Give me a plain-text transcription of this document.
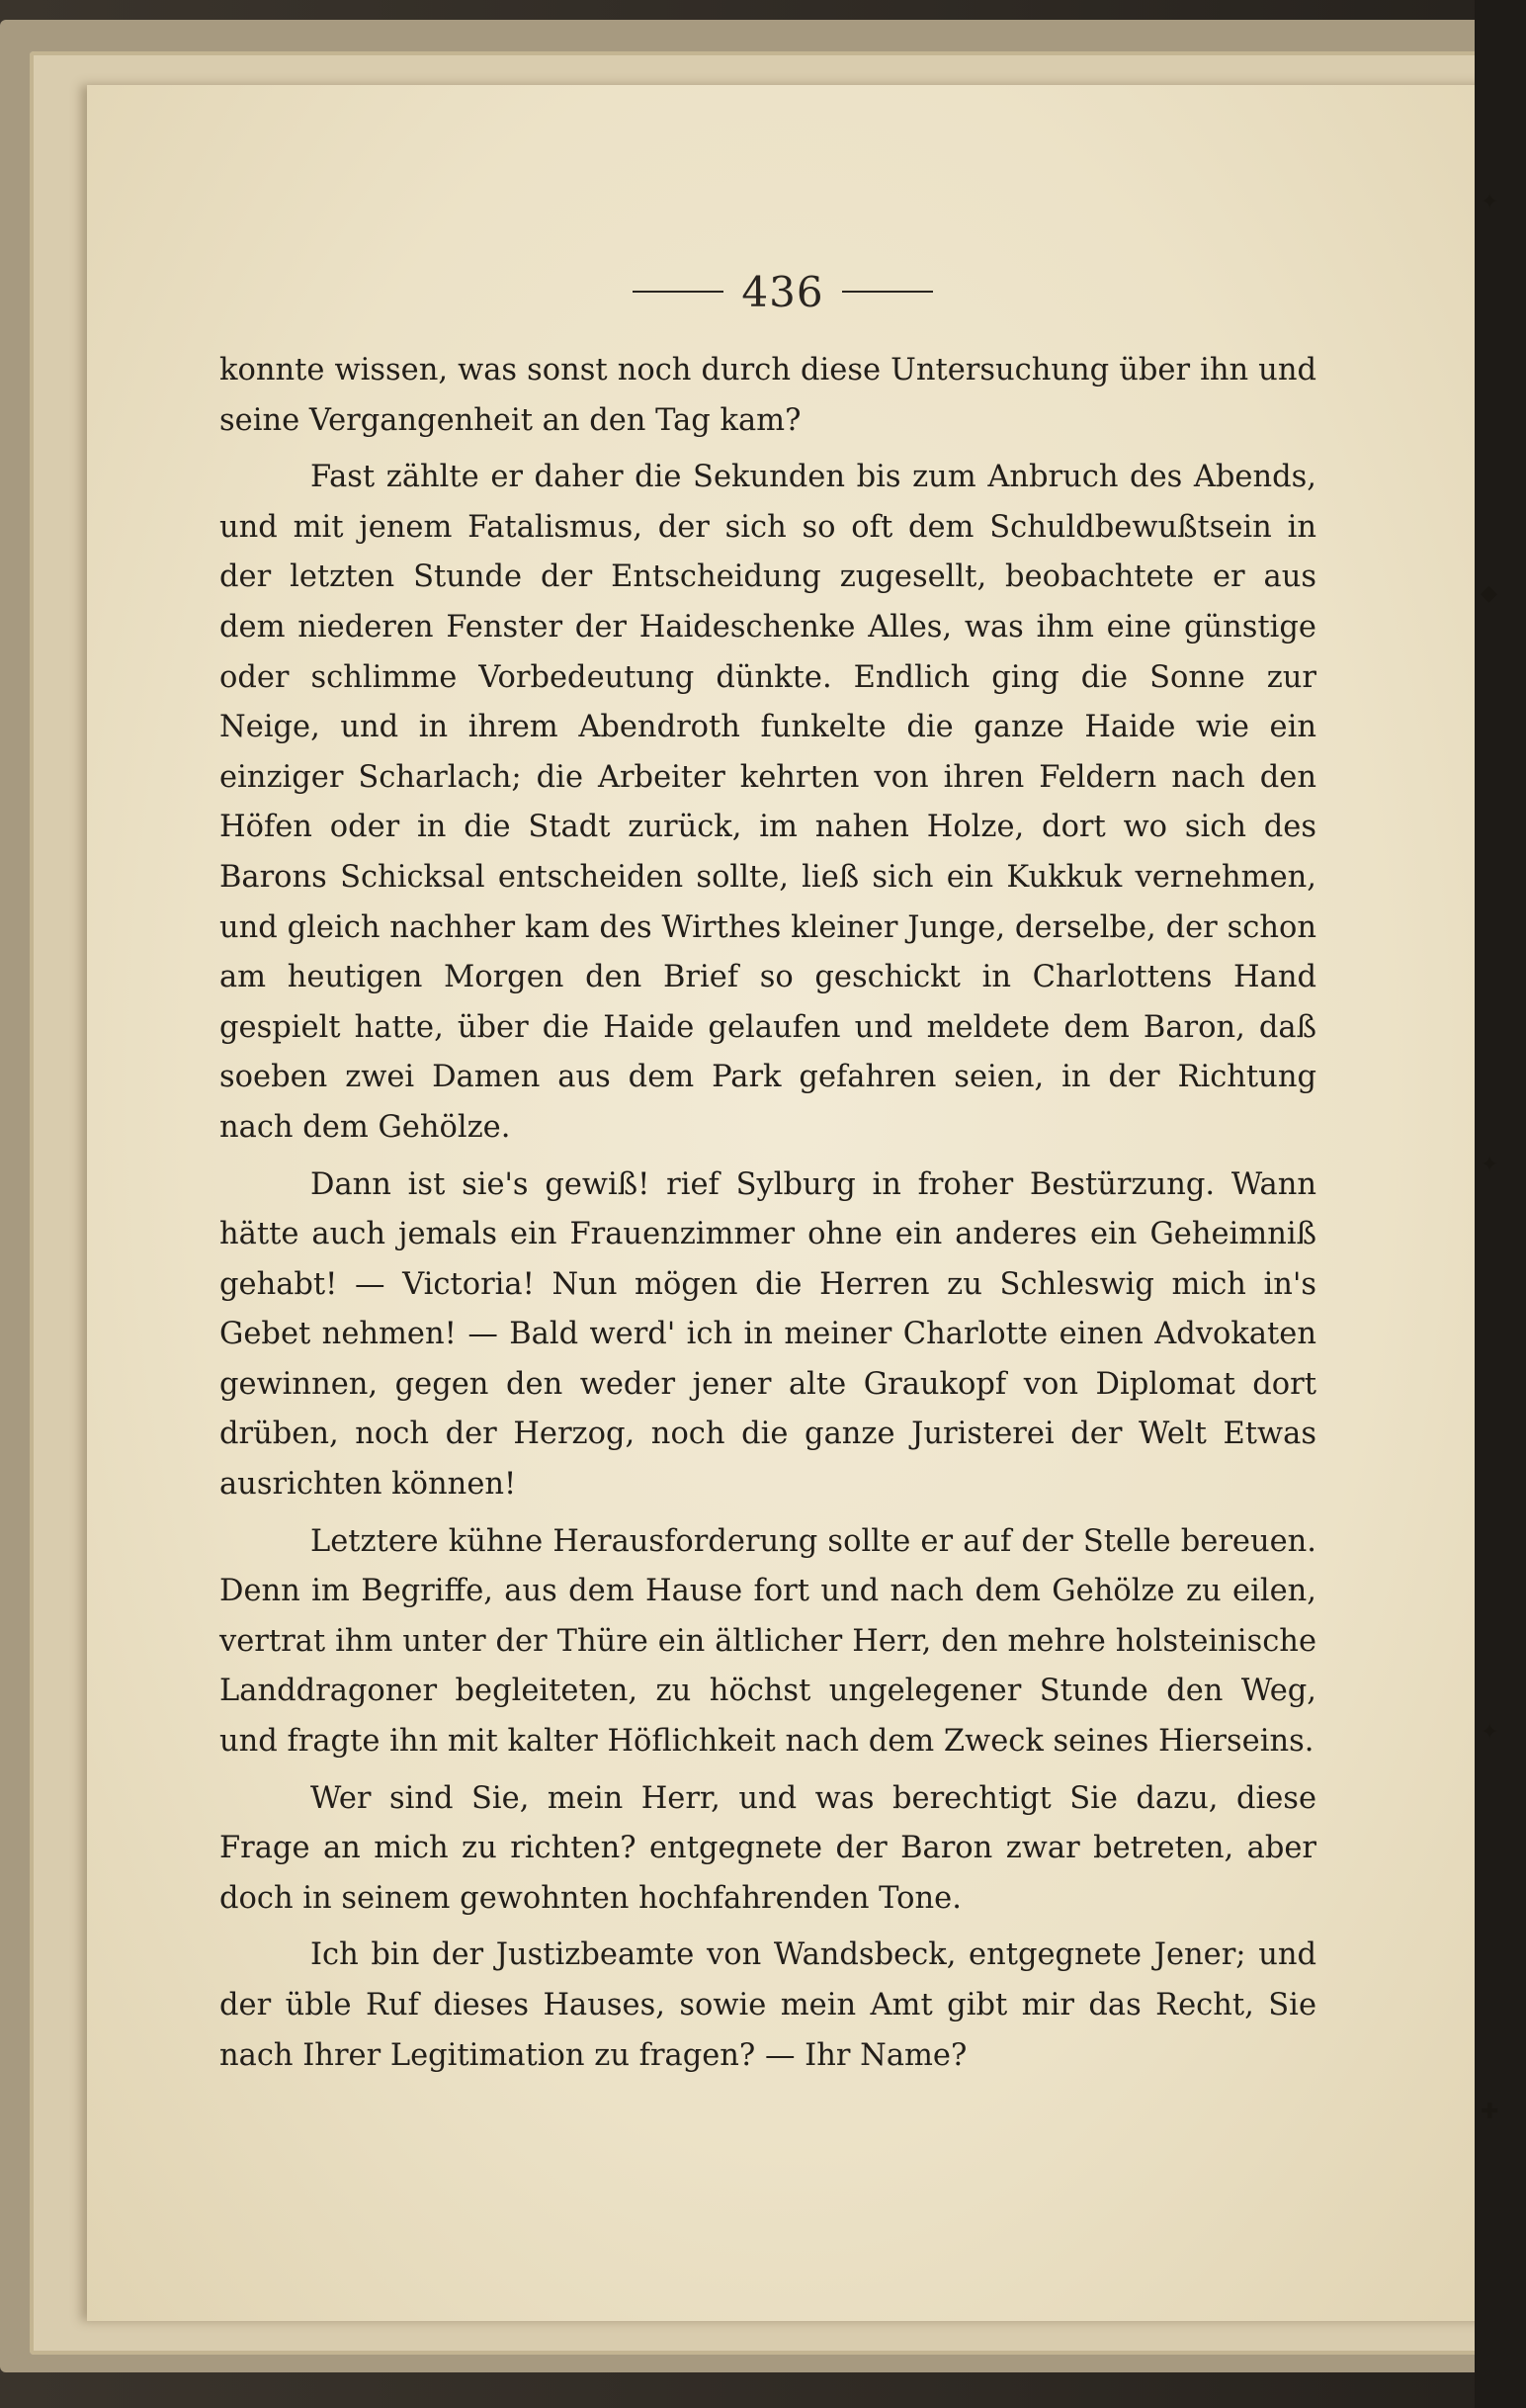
✦
◆
✦
✦
✚
436

konnte wissen, was sonst noch durch diese Untersuchung über ihn und seine Vergangenheit an den Tag kam?

Fast zählte er daher die Sekunden bis zum Anbruch des Abends, und mit jenem Fatalismus, der sich so oft dem Schuldbewußtsein in der letzten Stunde der Entscheidung zugesellt, beobachtete er aus dem niederen Fenster der Haideschenke Alles, was ihm eine günstige oder schlimme Vorbedeutung dünkte. Endlich ging die Sonne zur Neige, und in ihrem Abendroth funkelte die ganze Haide wie ein einziger Scharlach; die Arbeiter kehrten von ihren Feldern nach den Höfen oder in die Stadt zurück, im nahen Holze, dort wo sich des Barons Schicksal entscheiden sollte, ließ sich ein Kukkuk vernehmen, und gleich nachher kam des Wirthes kleiner Junge, derselbe, der schon am heutigen Morgen den Brief so geschickt in Charlottens Hand gespielt hatte, über die Haide gelaufen und meldete dem Baron, daß soeben zwei Damen aus dem Park gefahren seien, in der Richtung nach dem Gehölze.

Dann ist sie's gewiß! rief Sylburg in froher Bestürzung. Wann hätte auch jemals ein Frauenzimmer ohne ein anderes ein Geheimniß gehabt! — Victoria! Nun mögen die Herren zu Schleswig mich in's Gebet nehmen! — Bald werd' ich in meiner Charlotte einen Advokaten gewinnen, gegen den weder jener alte Graukopf von Diplomat dort drüben, noch der Herzog, noch die ganze Juristerei der Welt Etwas ausrichten können!

Letztere kühne Herausforderung sollte er auf der Stelle bereuen. Denn im Begriffe, aus dem Hause fort und nach dem Gehölze zu eilen, vertrat ihm unter der Thüre ein ältlicher Herr, den mehre holsteinische Landdragoner begleiteten, zu höchst ungelegener Stunde den Weg, und fragte ihn mit kalter Höflichkeit nach dem Zweck seines Hierseins.

Wer sind Sie, mein Herr, und was berechtigt Sie dazu, diese Frage an mich zu richten? entgegnete der Baron zwar betreten, aber doch in seinem gewohnten hochfahrenden Tone.

Ich bin der Justizbeamte von Wandsbeck, entgegnete Jener; und der üble Ruf dieses Hauses, sowie mein Amt gibt mir das Recht, Sie nach Ihrer Legitimation zu fragen? — Ihr Name?
